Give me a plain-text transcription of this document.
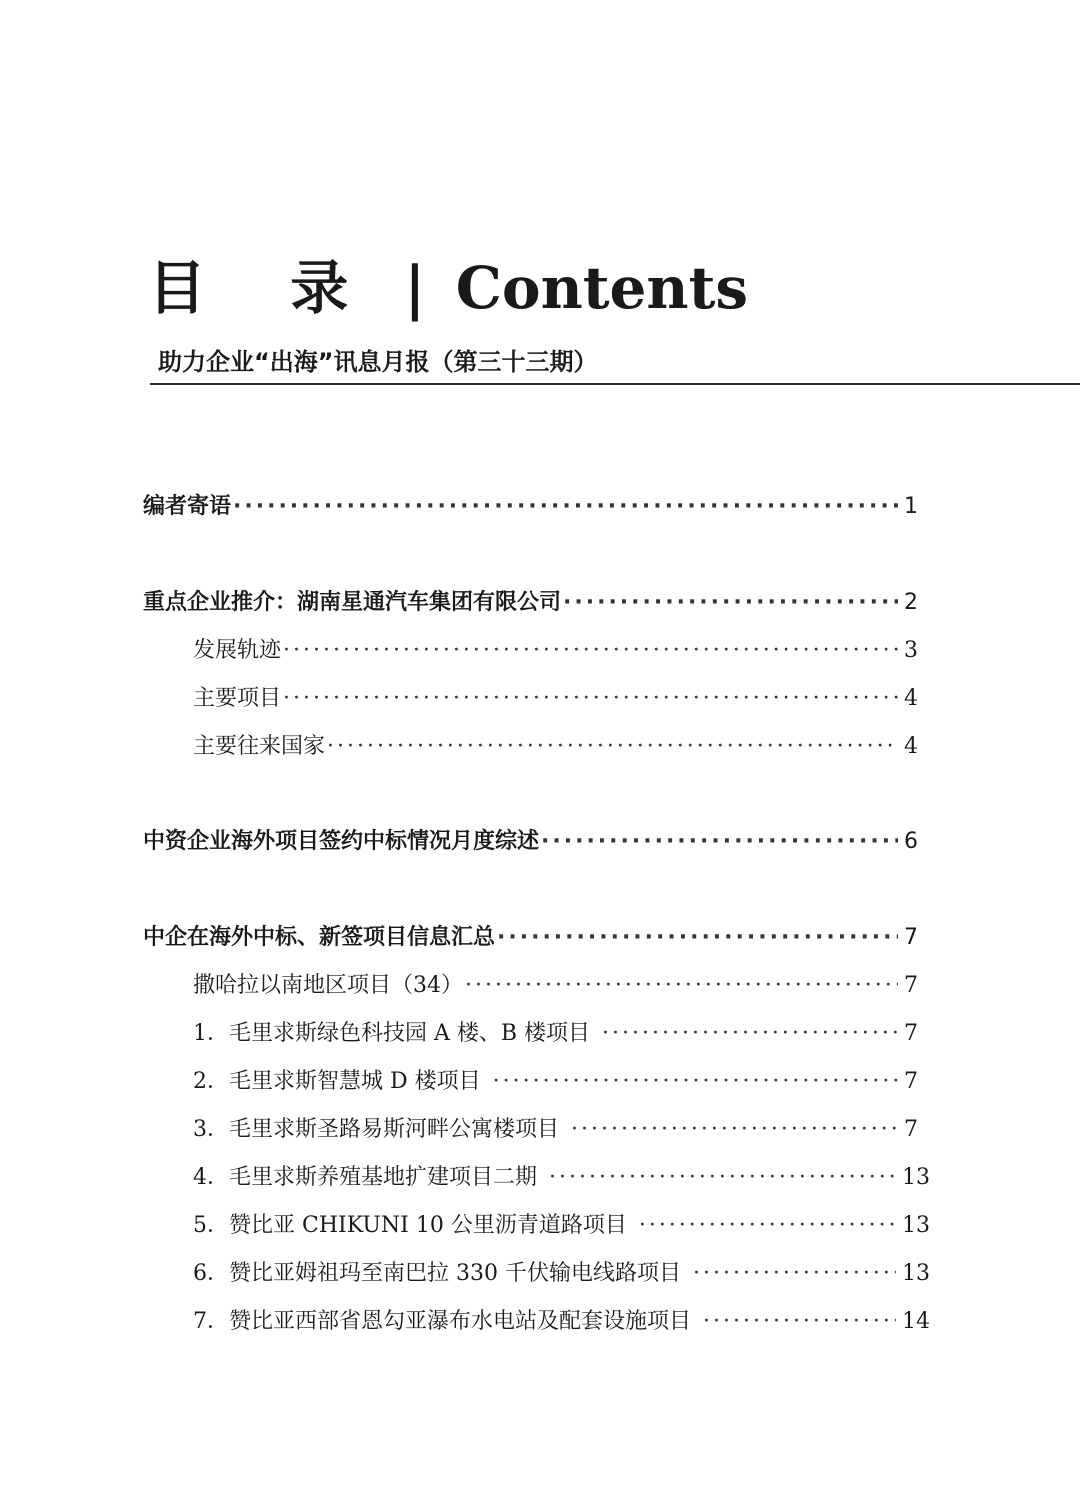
目 录 | Contents
助力企业“出海”讯息月报（第三十三期）
编者寄语 ·····	1
重点企业推介：湖南星通汽车集团有限公司 ·····	2
发展轨迹 ·····	3
主要项目 ·····	4
主要往来国家 ·····	4
中资企业海外项目签约中标情况月度综述 ·····	6
中企在海外中标、新签项目信息汇总 ·····	7
撒哈拉以南地区项目（34） ·····	7
1．毛里求斯绿色科技园 A 楼、B 楼项目 ·····	7
2．毛里求斯智慧城 D 楼项目 ·····	7
3．毛里求斯圣路易斯河畔公寓楼项目 ·····	7
4．毛里求斯养殖基地扩建项目二期 ·····	13
5．赞比亚 CHIKUNI 10 公里沥青道路项目 ·····	13
6．赞比亚姆祖玛至南巴拉 330 千伏输电线路项目 ·····	13
7．赞比亚西部省恩勾亚瀑布水电站及配套设施项目 ·····	14
